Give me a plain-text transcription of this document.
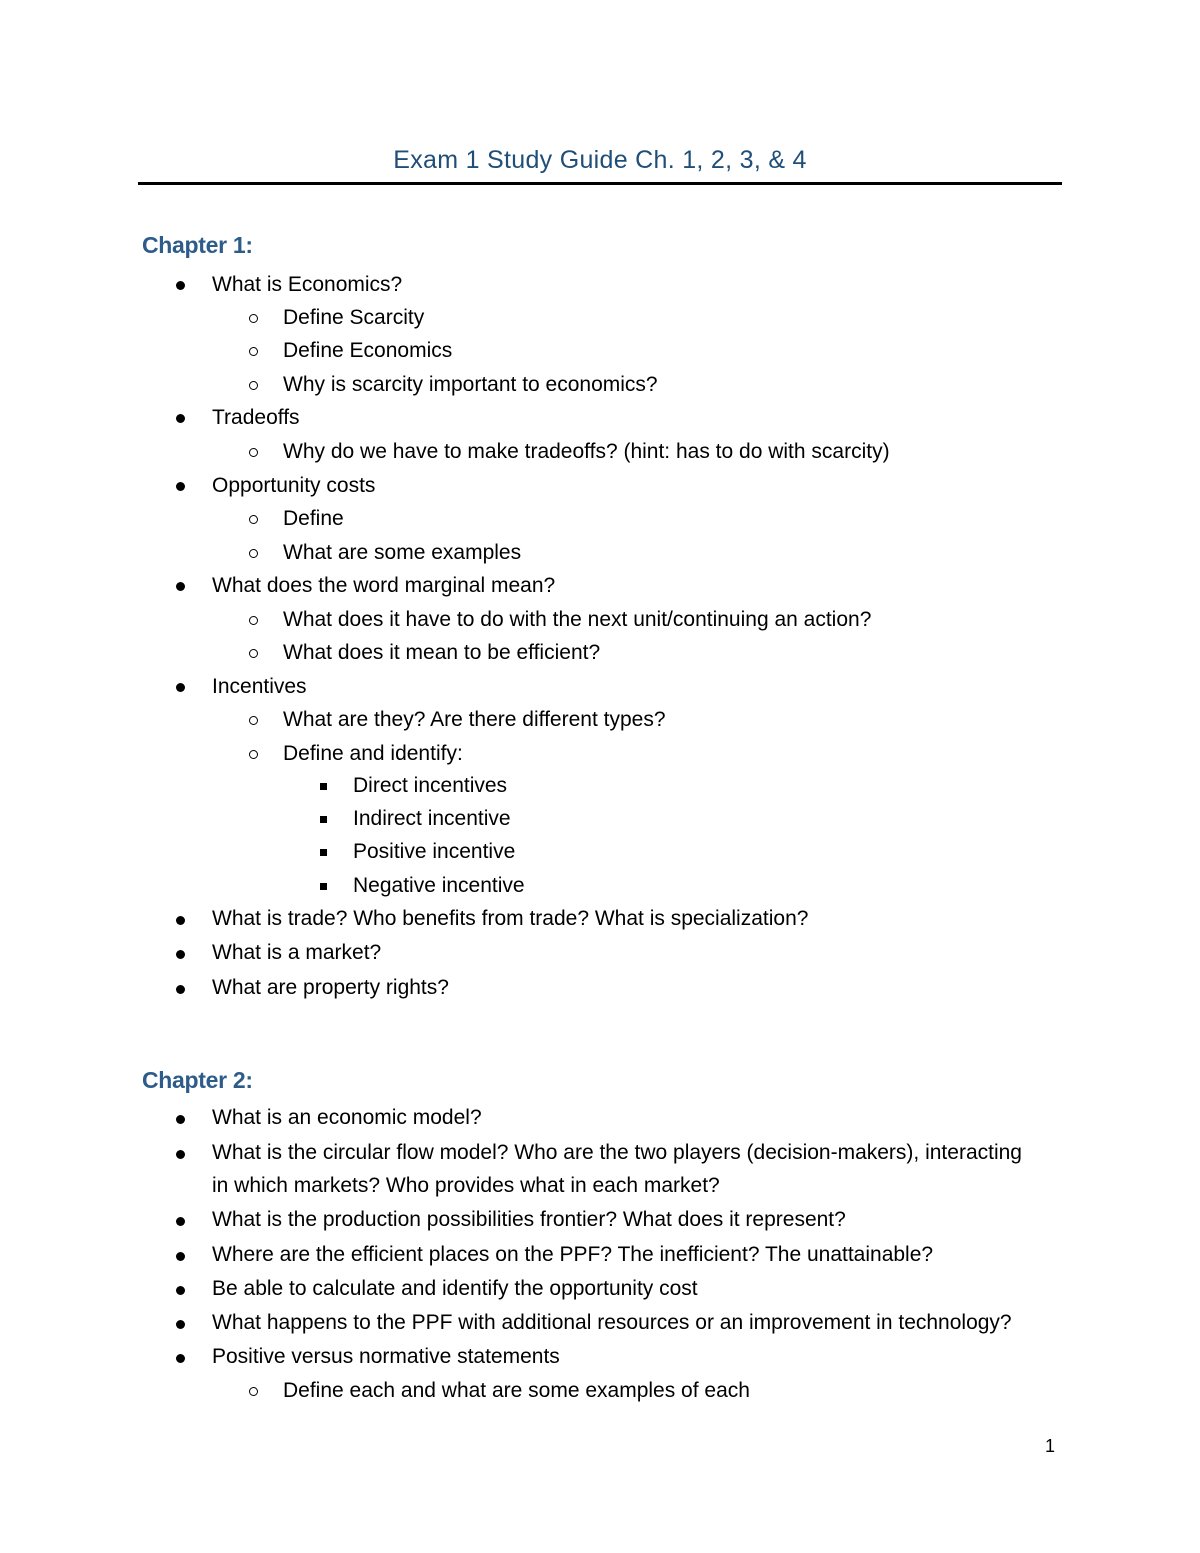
Exam 1 Study Guide Ch. 1, 2, 3, & 4
Chapter 1:
What is Economics?
Define Scarcity
Define Economics
Why is scarcity important to economics?
Tradeoffs
Why do we have to make tradeoffs? (hint: has to do with scarcity)
Opportunity costs
Define
What are some examples
What does the word marginal mean?
What does it have to do with the next unit/continuing an action?
What does it mean to be efficient?
Incentives
What are they? Are there different types?
Define and identify:
Direct incentives
Indirect incentive
Positive incentive
Negative incentive
What is trade? Who benefits from trade? What is specialization?
What is a market?
What are property rights?
Chapter 2:
What is an economic model?
What is the circular flow model? Who are the two players (decision-makers), interacting
in which markets? Who provides what in each market?
What is the production possibilities frontier? What does it represent?
Where are the efficient places on the PPF? The inefficient? The unattainable?
Be able to calculate and identify the opportunity cost
What happens to the PPF with additional resources or an improvement in technology?
Positive versus normative statements
Define each and what are some examples of each
1
